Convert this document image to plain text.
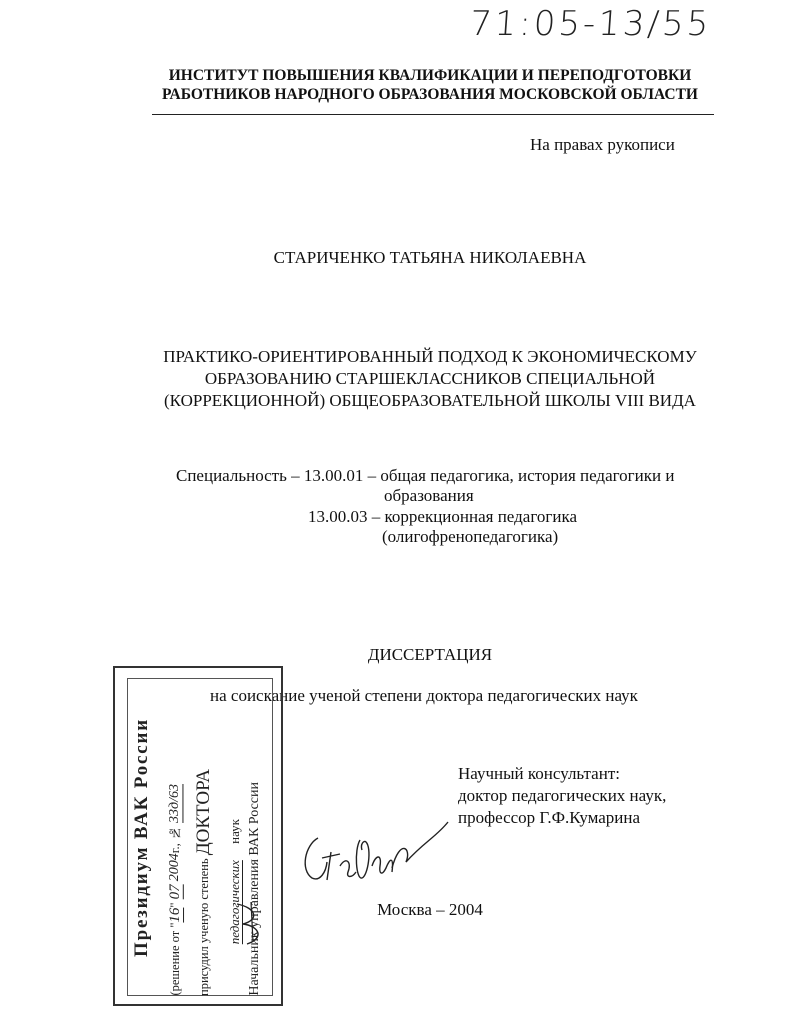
71:05-13/55
ИНСТИТУТ ПОВЫШЕНИЯ КВАЛИФИКАЦИИ И ПЕРЕПОДГОТОВКИ
РАБОТНИКОВ НАРОДНОГО ОБРАЗОВАНИЯ МОСКОВСКОЙ ОБЛАСТИ
На правах рукописи
СТАРИЧЕНКО ТАТЬЯНА НИКОЛАЕВНА
ПРАКТИКО-ОРИЕНТИРОВАННЫЙ ПОДХОД К ЭКОНОМИЧЕСКОМУ
ОБРАЗОВАНИЮ СТАРШЕКЛАССНИКОВ СПЕЦИАЛЬНОЙ
(КОРРЕКЦИОННОЙ) ОБЩЕОБРАЗОВАТЕЛЬНОЙ ШКОЛЫ VIII ВИДА
Специальность – 13.00.01 – общая педагогика, история педагогики и
образования
13.00.03 – коррекционная педагогика
(олигофренопедагогика)
ДИССЕРТАЦИЯ
на соискание ученой степени доктора педагогических наук
Научный консультант:
доктор педагогических наук,
профессор Г.Ф.Кумарина
Старич
Москва – 2004
Президиум ВАК России
(решение от "16" 07 2004г., № 33д/63
присудил ученую степень ДОКТОРА
педагогических     наук Начальник управления ВАК России
